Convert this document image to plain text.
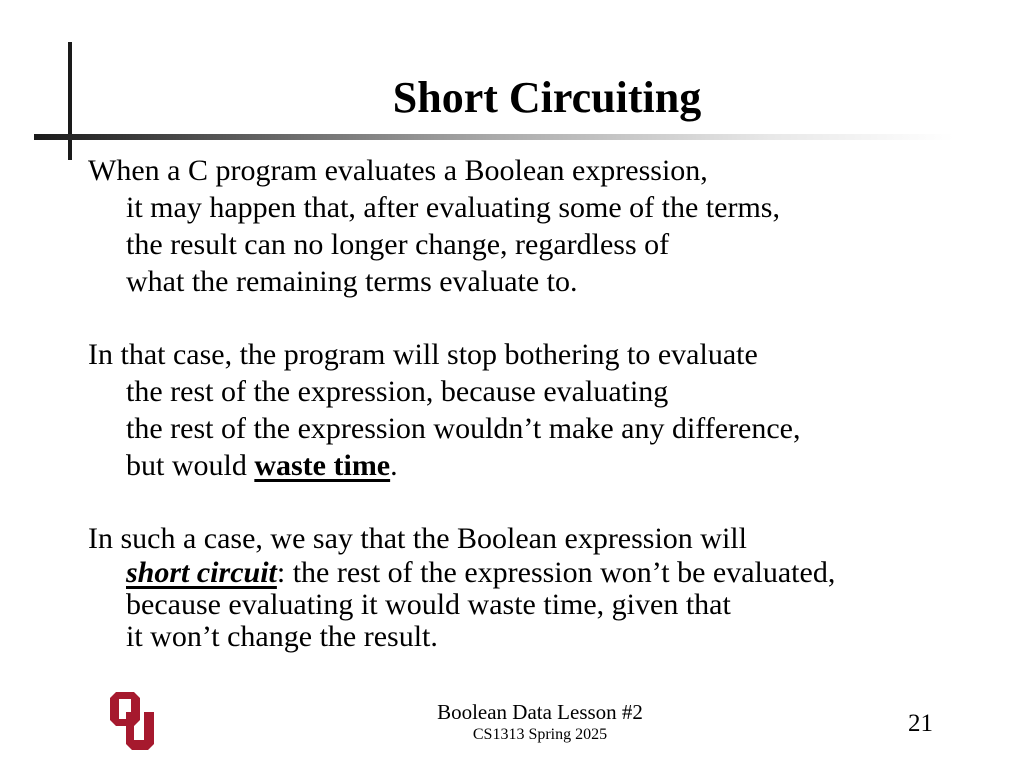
Short Circuiting

When a C program evaluates a Boolean expression,
it may happen that, after evaluating some of the terms,
the result can no longer change, regardless of
what the remaining terms evaluate to.

In that case, the program will stop bothering to evaluate
the rest of the expression, because evaluating
the rest of the expression wouldn’t make any difference,
but would waste time.

In such a case, we say that the Boolean expression will
short circuit: the rest of the expression won’t be evaluated,
because evaluating it would waste time, given that
it won’t change the result.

Boolean Data Lesson #2
CS1313 Spring 2025	21
